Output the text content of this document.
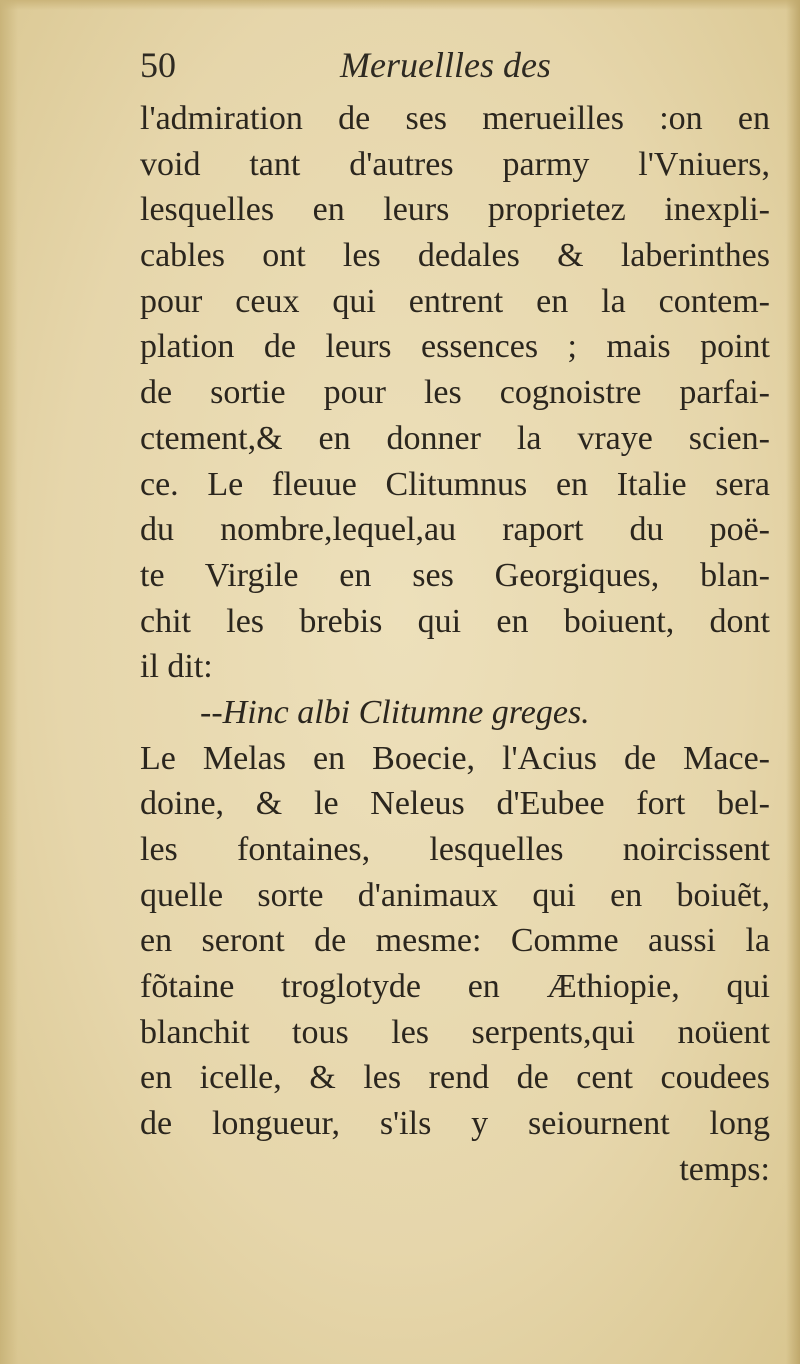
50	Meruellles des
l'admiration de ses merueilles :on en
void tant d'autres parmy l'Vniuers,
lesquelles en leurs proprietez inexpli-
cables ont les dedales & laberinthes
pour ceux qui entrent en la contem-
plation de leurs essences ; mais point
de sortie pour les cognoistre parfai-
ctement,& en donner la vraye scien-
ce. Le fleuue Clitumnus en Italie sera
du nombre,lequel,au raport du poë-
te Virgile en ses Georgiques, blan-
chit les brebis qui en boiuent, dont
il dit:
--Hinc albi Clitumne greges.
Le Melas en Boecie, l'Acius de Mace-
doine, & le Neleus d'Eubee fort bel-
les fontaines, lesquelles noircissent
quelle sorte d'animaux qui en boiuẽt,
en seront de mesme: Comme aussi la
fõtaine troglotyde en Æthiopie, qui
blanchit tous les serpents,qui noüent
en icelle, & les rend de cent coudees
de longueur, s'ils y seiournent long
temps:
